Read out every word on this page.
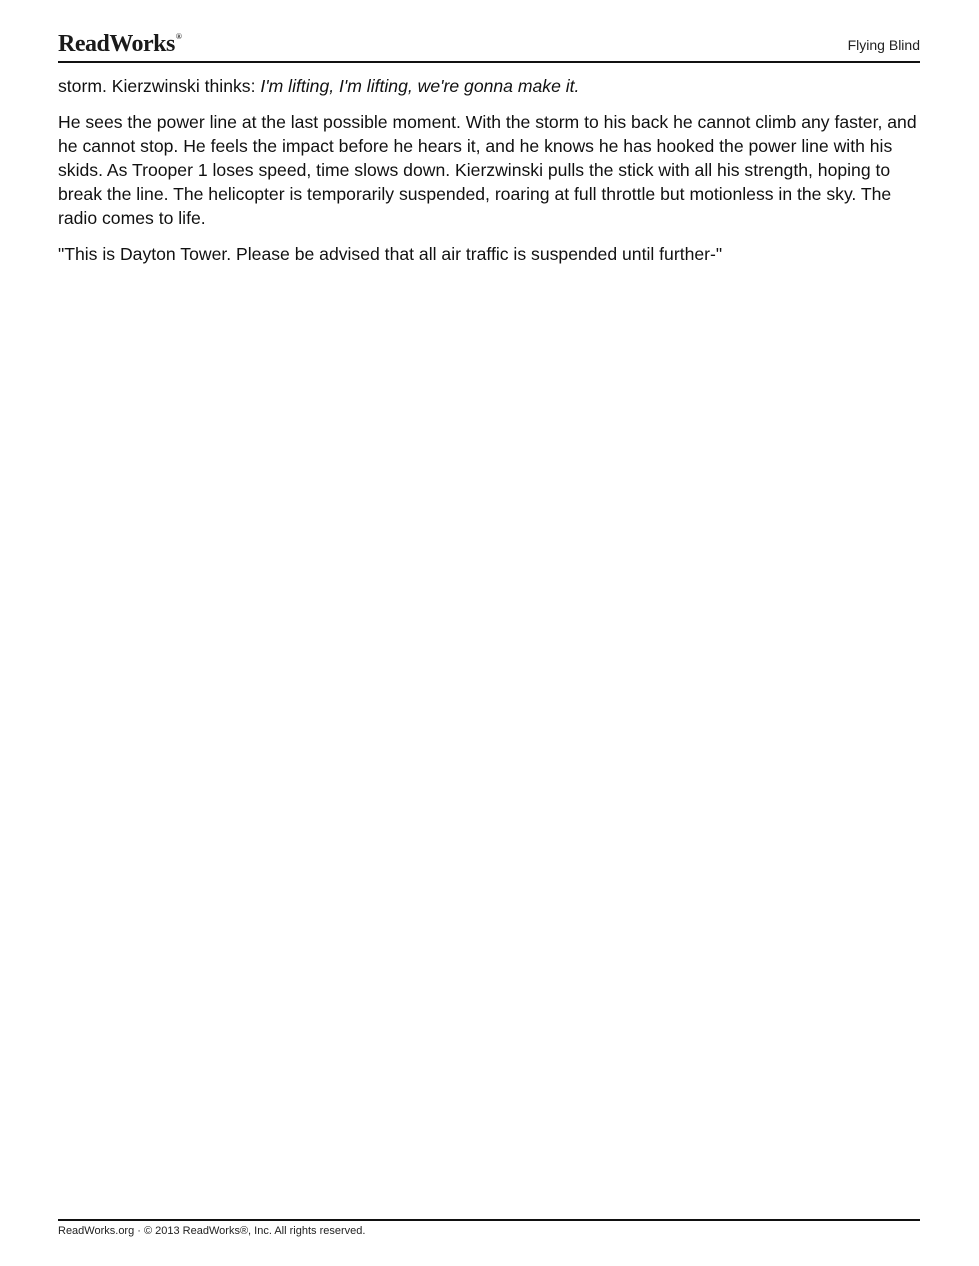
ReadWorks®
Flying Blind

storm. Kierzwinski thinks: I'm lifting, I'm lifting, we're gonna make it.

He sees the power line at the last possible moment. With the storm to his back he cannot climb any faster, and he cannot stop. He feels the impact before he hears it, and he knows he has hooked the power line with his skids. As Trooper 1 loses speed, time slows down. Kierzwinski pulls the stick with all his strength, hoping to break the line. The helicopter is temporarily suspended, roaring at full throttle but motionless in the sky. The radio comes to life.

"This is Dayton Tower. Please be advised that all air traffic is suspended until further-"

ReadWorks.org · © 2013 ReadWorks®, Inc. All rights reserved.
